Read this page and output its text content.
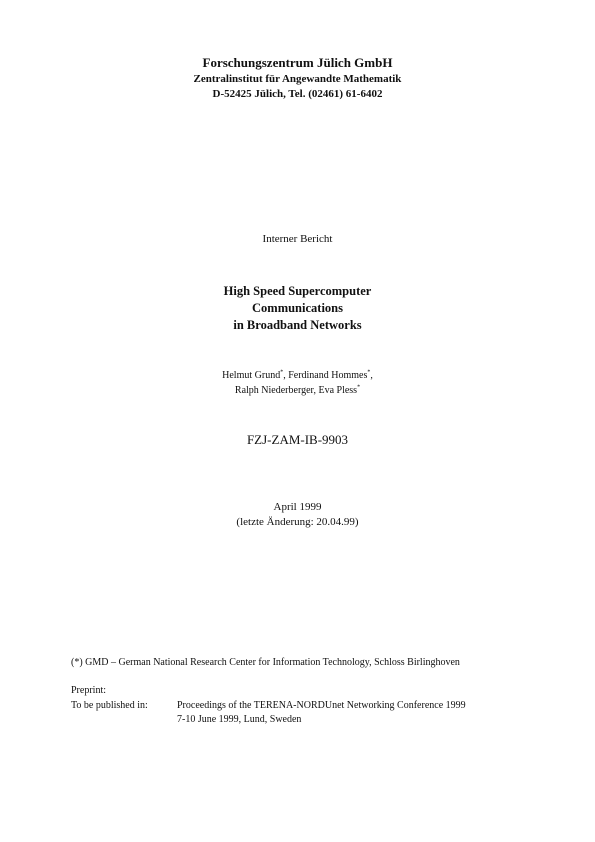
Forschungszentrum Jülich GmbH
Zentralinstitut für Angewandte Mathematik
D-52425 Jülich, Tel. (02461) 61-6402
Interner Bericht
High Speed Supercomputer
Communications
in Broadband Networks
Helmut Grund*, Ferdinand Hommes*,
Ralph Niederberger, Eva Pless*
FZJ-ZAM-IB-9903
April 1999
(letzte Änderung: 20.04.99)
(*) GMD – German National Research Center for Information Technology, Schloss Birlinghoven
Preprint:
To be published in:	Proceedings of the TERENA-NORDUnet Networking Conference 1999
7-10 June 1999, Lund, Sweden
